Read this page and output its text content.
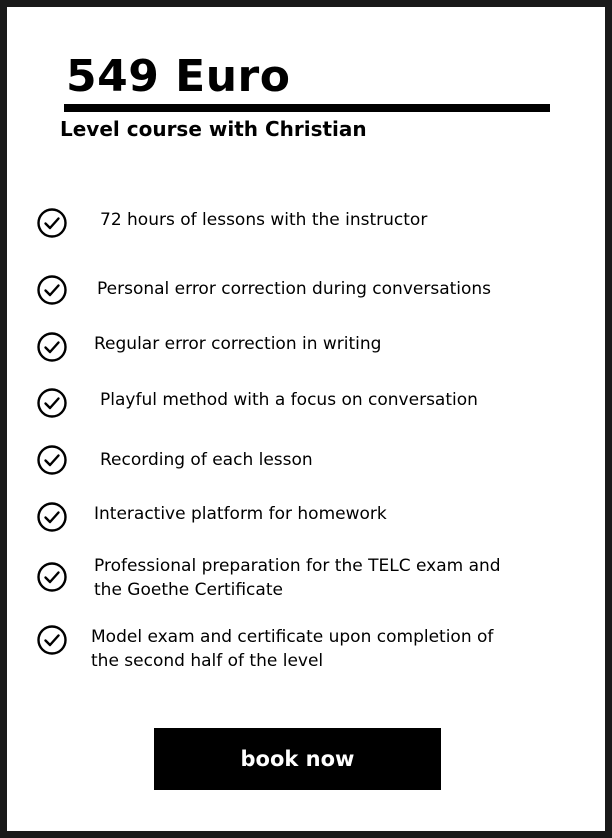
549 Euro
Level course with Christian
72 hours of lessons with the instructor
Personal error correction during conversations
Regular error correction in writing
Playful method with a focus on conversation
Recording of each lesson
Interactive platform for homework
Professional preparation for the TELC exam and
the Goethe Certificate
Model exam and certificate upon completion of
the second half of the level
book now
